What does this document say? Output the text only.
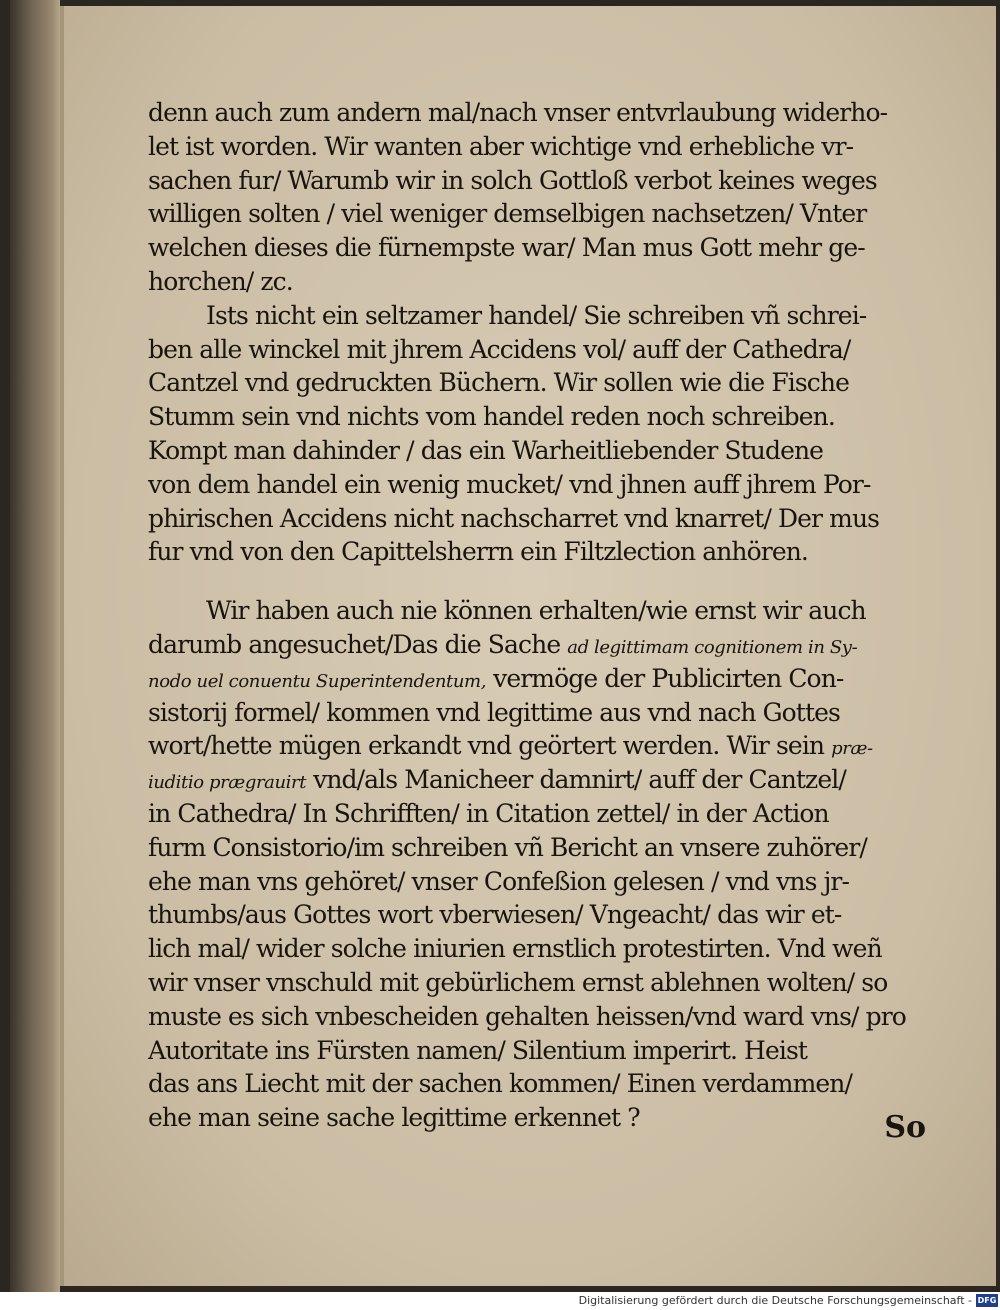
denn auch zum andern mal/nach vnser entvrlaubung widerho-
let ist worden. Wir wanten aber wichtige vnd erhebliche vr-
sachen fur/ Warumb wir in solch Gottloß verbot keines weges
willigen solten / viel weniger demselbigen nachsetzen/ Vnter
welchen dieses die fürnempste war/ Man mus Gott mehr ge-
horchen/ zc.
Ists nicht ein seltzamer handel/ Sie schreiben vñ schrei-
ben alle winckel mit jhrem Accidens vol/ auff der Cathedra/
Cantzel vnd gedruckten Büchern. Wir sollen wie die Fische
Stumm sein vnd nichts vom handel reden noch schreiben.
Kompt man dahinder / das ein Warheitliebender Studene
von dem handel ein wenig mucket/ vnd jhnen auff jhrem Por-
phirischen Accidens nicht nachscharret vnd knarret/ Der mus
fur vnd von den Capittelsherrn ein Filtzlection anhören.
Wir haben auch nie können erhalten/wie ernst wir auch
darumb angesuchet/Das die Sache ad legittimam cognitionem in Sy-
nodo uel conuentu Superintendentum, vermöge der Publicirten Con-
sistorij formel/ kommen vnd legittime aus vnd nach Gottes
wort/hette mügen erkandt vnd geörtert werden. Wir sein præ-
iuditio prægrauirt vnd/als Manicheer damnirt/ auff der Cantzel/
in Cathedra/ In Schrifften/ in Citation zettel/ in der Action
furm Consistorio/im schreiben vñ Bericht an vnsere zuhörer/
ehe man vns gehöret/ vnser Confeßion gelesen / vnd vns jr-
thumbs/aus Gottes wort vberwiesen/ Vngeacht/ das wir et-
lich mal/ wider solche iniurien ernstlich protestirten. Vnd weñ
wir vnser vnschuld mit gebürlichem ernst ablehnen wolten/ so
muste es sich vnbescheiden gehalten heissen/vnd ward vns/ pro
Autoritate ins Fürsten namen/ Silentium imperirt. Heist
das ans Liecht mit der sachen kommen/ Einen verdammen/
ehe man seine sache legittime erkennet ?	So
Digitalisierung gefördert durch die Deutsche Forschungsgemeinschaft - DFG
